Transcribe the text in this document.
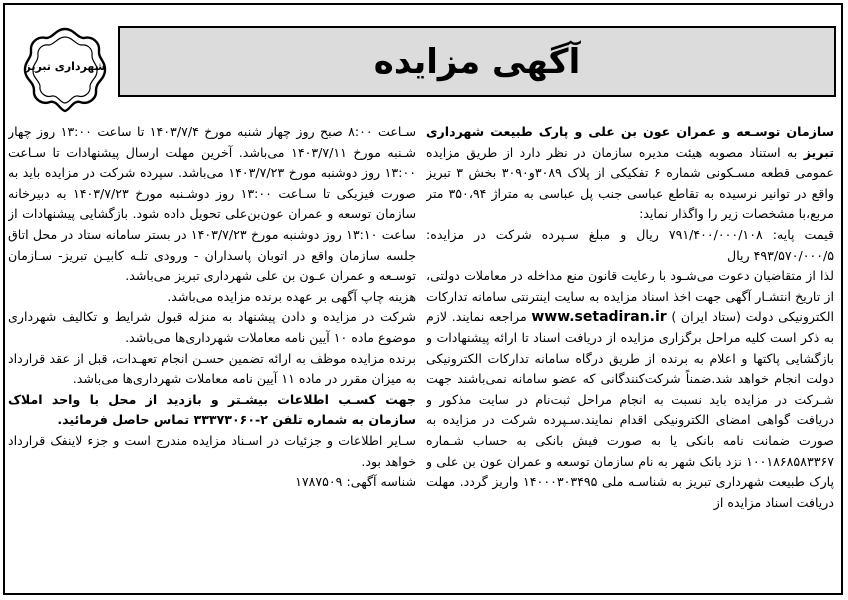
شهرداری تبریز	آگهی مزایده

سـاعت ۸:۰۰ صبح روز چهار شنبه مورخ ۱۴۰۳/۷/۴ تا ساعت ۱۳:۰۰ روز چهار شـنبه مورخ ۱۴۰۳/۷/۱۱ می‌باشد. آخرین مهلت ارسال پیشنهادات تا سـاعت ۱۳:۰۰ روز دوشنبه مورخ ۱۴۰۳/۷/۲۳ می‌باشد. سپرده شرکت در مزایده باید به صورت فیزیکی تا سـاعت ۱۳:۰۰ روز دوشـنبه مورخ ۱۴۰۳/۷/۲۳ به دبیرخانه سازمان توسعه و عمران عون‌بن‌علی تحویل داده شود. بازگشایی پیشنهادات از ساعت ۱۳:۱۰ روز دوشنبه مورخ ۱۴۰۳/۷/۲۳ در بستر سامانه ستاد در محل اتاق جلسه سازمان واقع در اتوبان پاسداران - ورودی تلـه کابیـن تبریز- سـازمان توسـعه و عمران عـون بن علی شهرداری تبریز می‌باشد.

هزینه چاپ آگهی بر عهده برنده مزایده می‌باشد.

شرکت در مزایده و دادن پیشنهاد به منزله قبول شرایط و تکالیف شهرداری موضوع ماده ۱۰ آیین نامه معاملات شهرداری‌ها می‌باشد.

برنده مزایده موظف به ارائه تضمین حسـن انجام تعهـدات، قبل از عقد قرارداد به میزان مقرر در ماده ۱۱ آیین نامه معاملات شهرداری‌ها می‌باشد.

جهت کسـب اطلاعات بیشـتر و بازدید از محل با واحد املاک سازمان به شماره تلفن ۲-۳۳۳۷۳۰۶۰ تماس حاصل فرمائید.

سـایر اطلاعات و جزئیات در اسـناد مزایده مندرج است و جزء لاینفک قرارداد خواهد بود.

شناسه آگهی: ۱۷۸۷۵۰۹

سازمان توسـعه و عمران عون بن علی و پارک طبیعت شهرداری تبریز به استناد مصوبه هیئت مدیره سازمان در نظر دارد از طریق مزایده عمومی قطعه مسـکونی شماره ۶ تفکیکی از پلاک ۳۰۸۹و۳۰۹۰ بخش ۳ تبریز واقع در توانیر نرسیده به تقاطع عباسی جنب پل عباسی به متراژ ۳۵۰،۹۴ متر مربع،با مشخصات زیر را واگذار نماید:

قیمت پایه: ۷۹۱/۴۰۰/۰۰۰/۱۰۸ ریال و مبلغ سـپرده شرکت در مزایده: ۴۹۳/۵۷۰/۰۰۰/۵ ریال

لذا از متقاضیان دعوت می‌شـود با رعایت قانون منع مداخله در معاملات دولتی، از تاریخ انتشـار آگهی جهت اخذ اسناد مزایده به سایت اینترنتی سامانه تدارکات الکترونیکی دولت (ستاد ایران ) www.setadiran.ir مراجعه نمایند. لازم به ذکر است کلیه مراحل برگزاری مزایده از دریافت اسناد تا ارائه پیشنهادات و بازگشایی پاکتها و اعلام به برنده از طریق درگاه سامانه تدارکات الکترونیکی دولت انجام خواهد شد.ضمناً شرکت‌کنندگانی که عضو سامانه نمی‌باشند جهت شـرکت در مزایده باید نسبت به انجام مراحل ثبت‌نام در سایت مذکور و دریافت گواهی امضای الکترونیکی اقدام نمایند.سـپرده شرکت در مزایده به صورت ضمانت نامه بانکی یا به صورت فیش بانکی به حساب شـماره ۱۰۰۱۸۶۸۵۸۳۳۶۷ نزد بانک شهر به نام سازمان توسعه و عمران عون بن علی و پارک طبیعت شهرداری تبریز به شناسـه ملی ۱۴۰۰۰۳۰۳۴۹۵ واریز گردد. مهلت دریافت اسناد مزایده از
